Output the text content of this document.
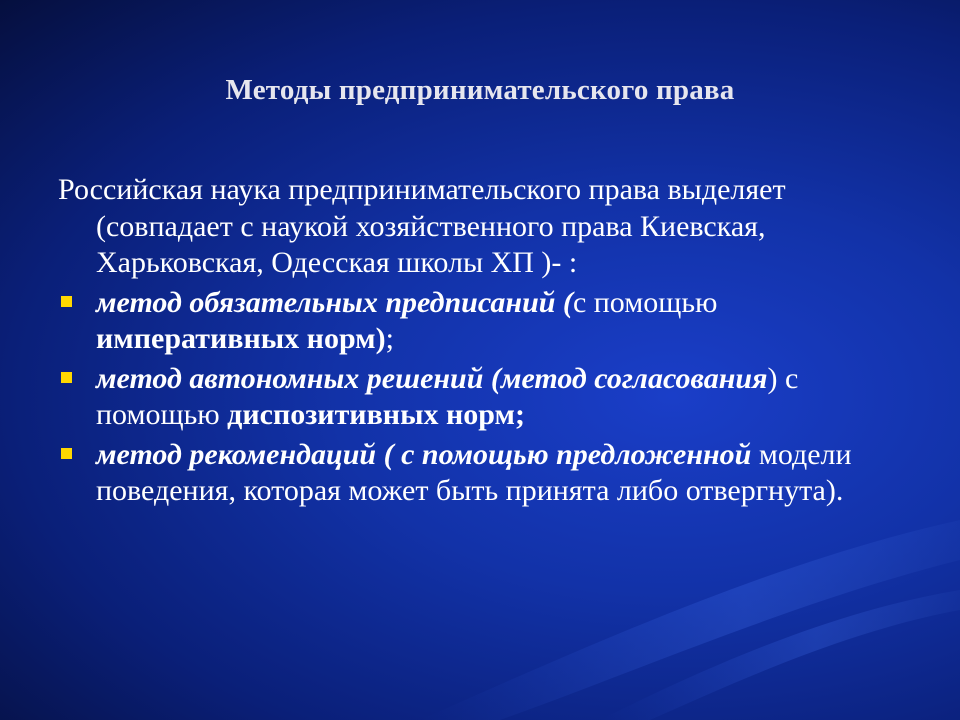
Методы предпринимательского права

Российская наука предпринимательского права выделяет (совпадает с наукой хозяйственного права Киевская, Харьковская, Одесская школы ХП )- :

метод обязательных предписаний (с помощью императивных норм);
метод автономных решений (метод согласования) с помощью диспозитивных норм;
метод рекомендаций ( с помощью предложенной модели поведения, которая может быть принята либо отвергнута).
